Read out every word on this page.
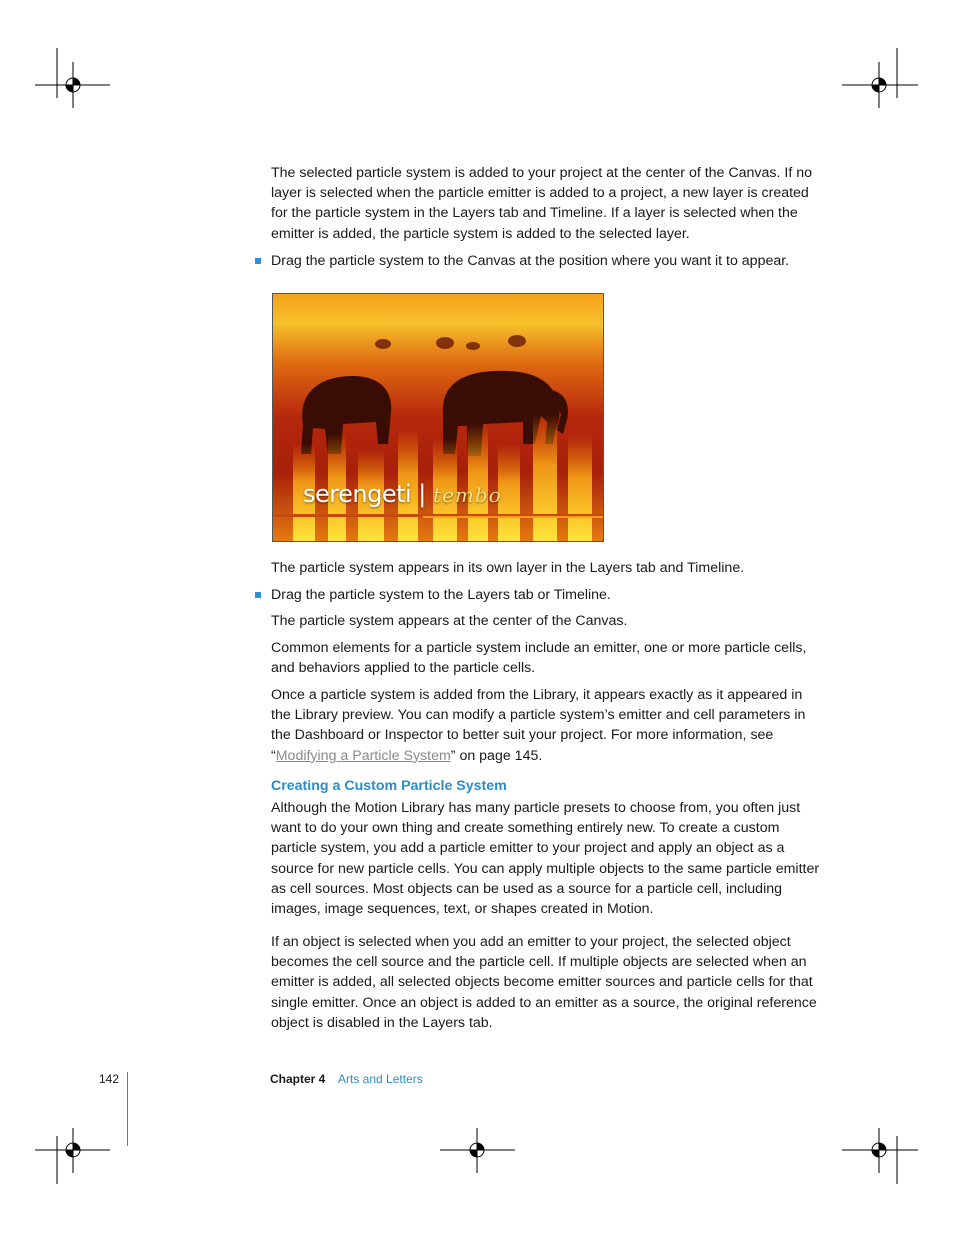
The selected particle system is added to your project at the center of the Canvas. If no layer is selected when the particle emitter is added to a project, a new layer is created for the particle system in the Layers tab and Timeline. If a layer is selected when the emitter is added, the particle system is added to the selected layer.

Drag the particle system to the Canvas at the position where you want it to appear.

serengeti | tembo

The particle system appears in its own layer in the Layers tab and Timeline.

Drag the particle system to the Layers tab or Timeline.

The particle system appears at the center of the Canvas.

Common elements for a particle system include an emitter, one or more particle cells, and behaviors applied to the particle cells.

Once a particle system is added from the Library, it appears exactly as it appeared in the Library preview. You can modify a particle system’s emitter and cell parameters in the Dashboard or Inspector to better suit your project. For more information, see “Modifying a Particle System” on page 145.

Creating a Custom Particle System

Although the Motion Library has many particle presets to choose from, you often just want to do your own thing and create something entirely new. To create a custom particle system, you add a particle emitter to your project and apply an object as a source for new particle cells. You can apply multiple objects to the same particle emitter as cell sources. Most objects can be used as a source for a particle cell, including images, image sequences, text, or shapes created in Motion.

If an object is selected when you add an emitter to your project, the selected object becomes the cell source and the particle cell. If multiple objects are selected when an emitter is added, all selected objects become emitter sources and particle cells for that single emitter. Once an object is added to an emitter as a source, the original reference object is disabled in the Layers tab.

142	Chapter 4 Arts and Letters
